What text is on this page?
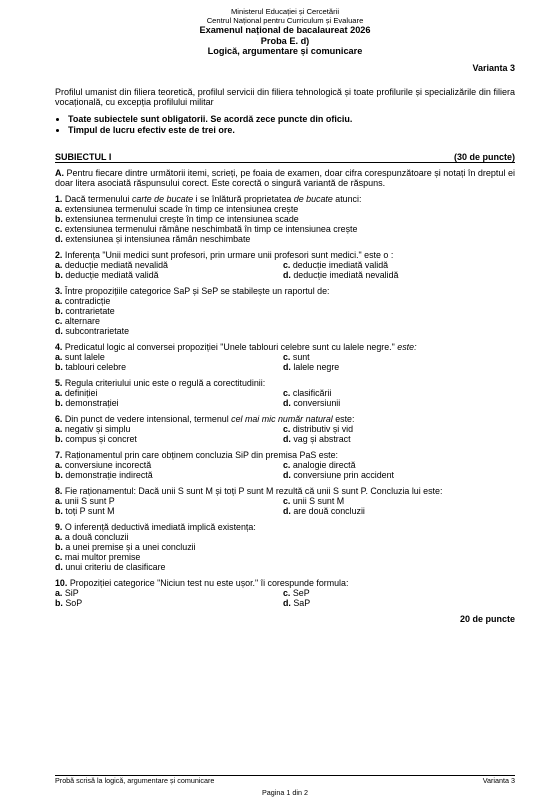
Ministerul Educației și Cercetării
Centrul Național pentru Curriculum și Evaluare
Examenul național de bacalaureat 2026
Proba E. d)
Logică, argumentare și comunicare
Varianta 3
Profilul umanist din filiera teoretică, profilul servicii din filiera tehnologică și toate profilurile și specializările din filiera vocațională, cu excepția profilului militar
• Toate subiectele sunt obligatorii. Se acordă zece puncte din oficiu.
• Timpul de lucru efectiv este de trei ore.
SUBIECTUL I	(30 de puncte)
A. Pentru fiecare dintre următorii itemi, scrieți, pe foaia de examen, doar cifra corespunzătoare și notați în dreptul ei doar litera asociată răspunsului corect. Este corectă o singură variantă de răspuns.
1. Dacă termenului carte de bucate i se înlătură proprietatea de bucate atunci:
a. extensiunea termenului scade în timp ce intensiunea crește
b. extensiunea termenului crește în timp ce intensiunea scade
c. extensiunea termenului rămâne neschimbată în timp ce intensiunea crește
d. extensiunea și intensiunea rămân neschimbate
2. Inferența "Unii medici sunt profesori, prin urmare unii profesori sunt medici." este o :
a. deducție mediată nevalidă	c. deducție imediată validă
b. deducție mediată validă	d. deducție imediată nevalidă
3. Între propozițiile categorice SaP și SeP se stabilește un raportul de:
a. contradicție
b. contrarietate
c. alternare
d. subcontrarietate
4. Predicatul logic al conversei propoziției "Unele tablouri celebre sunt cu lalele negre." este:
a. sunt lalele	c. sunt
b. tablouri celebre	d. lalele negre
5. Regula criteriului unic este o regulă a corectitudinii:
a. definiției	c. clasificării
b. demonstrației	d. conversiunii
6. Din punct de vedere intensional, termenul cel mai mic număr natural este:
a. negativ și simplu	c. distributiv și vid
b. compus și concret	d. vag și abstract
7. Raționamentul prin care obținem concluzia SiP din premisa PaS este:
a. conversiune incorectă	c. analogie directă
b. demonstrație indirectă	d. conversiune prin accident
8. Fie raționamentul: Dacă unii S sunt M și toți P sunt M rezultă că unii S sunt P. Concluzia lui este:
a. unii S sunt P	c. unii S sunt M
b. toți P sunt M	d. are două concluzii
9. O inferență deductivă imediată implică existența:
a. a două concluzii
b. a unei premise și a unei concluzii
c. mai multor premise
d. unui criteriu de clasificare
10. Propoziției categorice "Niciun test nu este ușor." îi corespunde formula:
a. SiP	c. SeP
b. SoP	d. SaP
20 de puncte
Probă scrisă la logică, argumentare și comunicare	Varianta 3
Pagina 1 din 2
